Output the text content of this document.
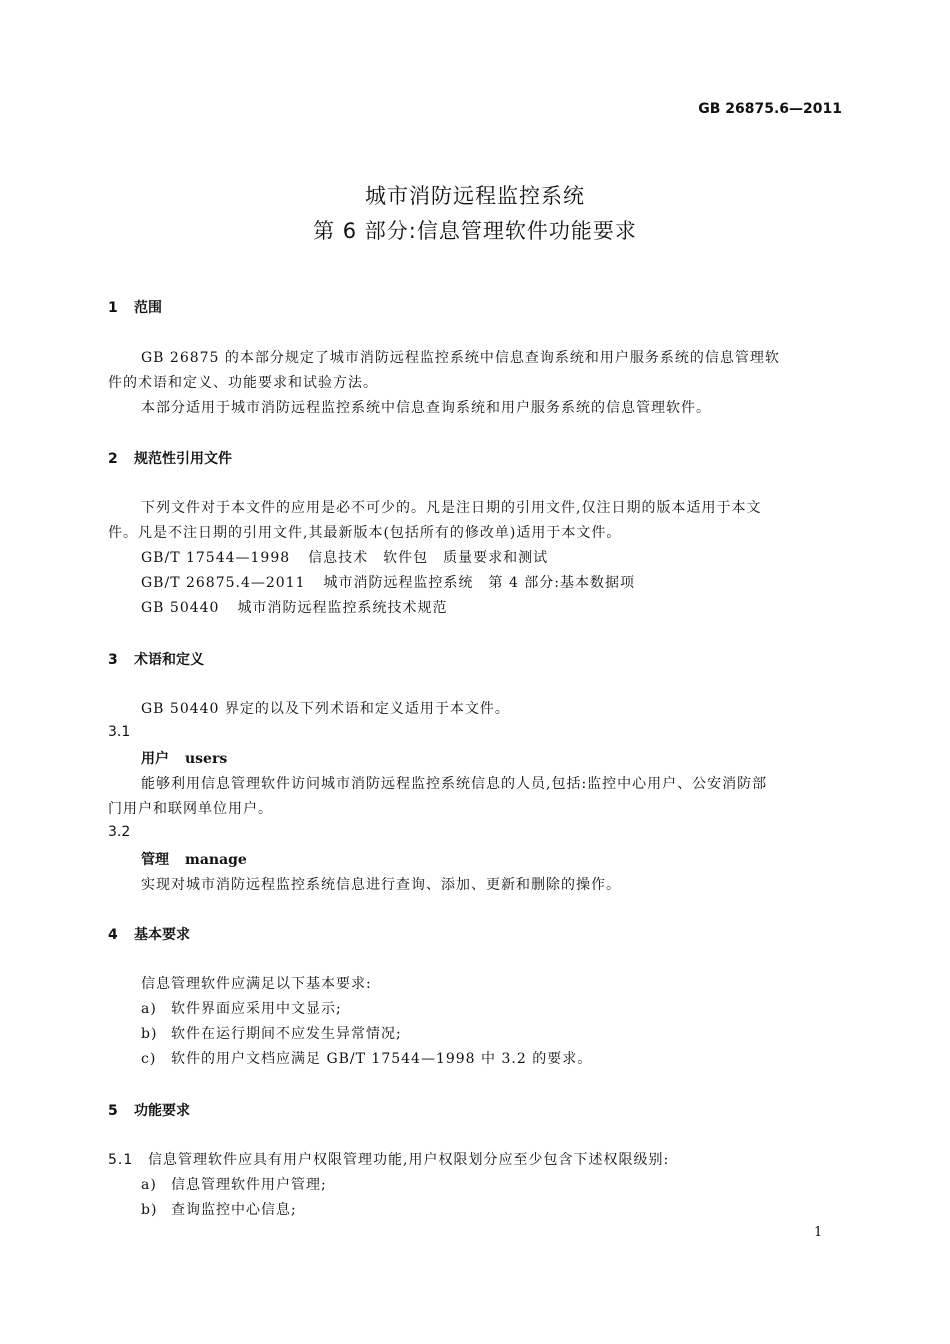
GB 26875.6—2011
城市消防远程监控系统
第 6 部分:信息管理软件功能要求
1 范围
GB 26875 的本部分规定了城市消防远程监控系统中信息查询系统和用户服务系统的信息管理软
件的术语和定义、功能要求和试验方法。
本部分适用于城市消防远程监控系统中信息查询系统和用户服务系统的信息管理软件。
2 规范性引用文件
下列文件对于本文件的应用是必不可少的。凡是注日期的引用文件,仅注日期的版本适用于本文
件。凡是不注日期的引用文件,其最新版本(包括所有的修改单)适用于本文件。
GB/T 17544—1998 信息技术　软件包　质量要求和测试
GB/T 26875.4—2011 城市消防远程监控系统　第 4 部分:基本数据项
GB 50440 城市消防远程监控系统技术规范
3 术语和定义
GB 50440 界定的以及下列术语和定义适用于本文件。
3.1
用户 users
能够利用信息管理软件访问城市消防远程监控系统信息的人员,包括:监控中心用户、公安消防部
门用户和联网单位用户。
3.2
管理 manage
实现对城市消防远程监控系统信息进行查询、添加、更新和删除的操作。
4 基本要求
信息管理软件应满足以下基本要求:
a) 软件界面应采用中文显示;
b) 软件在运行期间不应发生异常情况;
c) 软件的用户文档应满足 GB/T 17544—1998 中 3.2 的要求。
5 功能要求
5.1 信息管理软件应具有用户权限管理功能,用户权限划分应至少包含下述权限级别:
a) 信息管理软件用户管理;
b) 查询监控中心信息;
1
